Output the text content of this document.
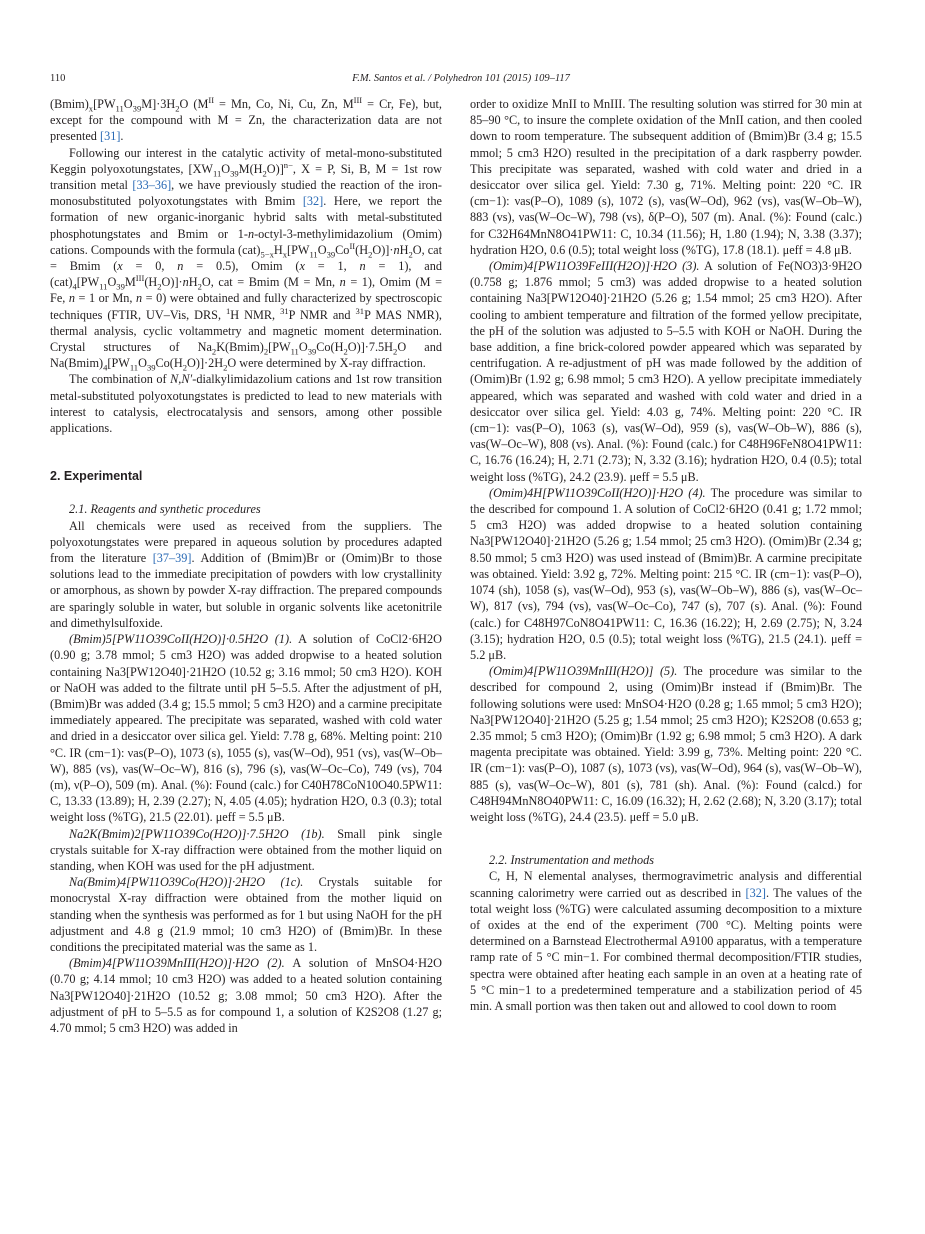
110	F.M. Santos et al. / Polyhedron 101 (2015) 109–117

$(Bmim)_x[PW_{11}O_{39}M]\cdot 3H_2O$ ($M^{II} = Mn$, Co, Ni, Cu, Zn, $M^{III} = Cr$, Fe), but, except for the compound with M = Zn, the characterization data are not presented [31].

Following our interest in the catalytic activity of metal-mono-substituted Keggin polyoxotungstates, $[XW_{11}O_{39}M(H_2O)]^{n-}$, X = P, Si, B, M = 1st row transition metal [33–36], we have previously studied the reaction of the iron-monosubstituted polyoxotungstates with Bmim [32]. Here, we report the formation of new organic-inorganic hybrid salts with metal-substituted phosphotungstates and Bmim or 1-n-octyl-3-methylimidazolium (Omim) cations. Compounds with the formula $(cat)_{5-x}H_x[PW_{11}O_{39}Co^{II}(H_2O)]\cdot nH_2O$, cat = Bmim (x = 0, n = 0.5), Omim (x = 1, n = 1), and $(cat)_4[PW_{11}O_{39}M^{III}(H_2O)]\cdot nH_2O$, cat = Bmim (M = Mn, n = 1), Omim (M = Fe, n = 1 or Mn, n = 0) were obtained and fully characterized by spectroscopic techniques (FTIR, UV–Vis, DRS, $^1$H NMR, $^{31}$P NMR and $^{31}$P MAS NMR), thermal analysis, cyclic voltammetry and magnetic moment determination. Crystal structures of $Na_2K(Bmim)_2[PW_{11}O_{39}Co(H_2O)]\cdot 7.5H_2O$ and $Na(Bmim)_4[PW_{11}O_{39}Co(H_2O)]\cdot 2H_2O$ were determined by X-ray diffraction.

The combination of N,N′-dialkylimidazolium cations and 1st row transition metal-substituted polyoxotungstates is predicted to lead to new materials with interest to catalysis, electrocatalysis and sensors, among other possible applications.

2. Experimental

2.1. Reagents and synthetic procedures

All chemicals were used as received from the suppliers. The polyoxotungstates were prepared in aqueous solution by procedures adapted from the literature [37–39]. Addition of (Bmim)Br or (Omim)Br to those solutions lead to the immediate precipitation of powders with low crystallinity or amorphous, as shown by powder X-ray diffraction. The prepared compounds are sparingly soluble in water, but soluble in organic solvents like acetonitrile and dimethylsulfoxide.

(Bmim)5[PW11O39CoII(H2O)]·0.5H2O (1). A solution of CoCl2·6H2O (0.90 g; 3.78 mmol; 5 cm3 H2O) was added dropwise to a heated solution containing Na3[PW12O40]·21H2O (10.52 g; 3.16 mmol; 50 cm3 H2O). KOH or NaOH was added to the filtrate until pH 5–5.5. After the adjustment of pH, (Bmim)Br was added (3.4 g; 15.5 mmol; 5 cm3 H2O) and a carmine precipitate immediately appeared. The precipitate was separated, washed with cold water and dried in a desiccator over silica gel. Yield: 7.78 g, 68%. Melting point: 210 °C. IR (cm−1): νas(P–O), 1073 (s), 1055 (s), νas(W–Od), 951 (vs), νas(W–Ob–W), 885 (vs), νas(W–Oc–W), 816 (s), 796 (s), νas(W–Oc–Co), 749 (vs), 704 (m), ν(P–O), 509 (m). Anal. (%): Found (calc.) for C40H78CoN10O40.5PW11: C, 13.33 (13.89); H, 2.39 (2.27); N, 4.05 (4.05); hydration H2O, 0.3 (0.3); total weight loss (%TG), 21.5 (22.01). μeff = 5.5 μB.

Na2K(Bmim)2[PW11O39Co(H2O)]·7.5H2O (1b). Small pink single crystals suitable for X-ray diffraction were obtained from the mother liquid on standing, when KOH was used for the pH adjustment.

Na(Bmim)4[PW11O39Co(H2O)]·2H2O (1c). Crystals suitable for monocrystal X-ray diffraction were obtained from the mother liquid on standing when the synthesis was performed as for 1 but using NaOH for the pH adjustment and 4.8 g (21.9 mmol; 10 cm3 H2O) of (Bmim)Br. In these conditions the precipitated material was the same as 1.

(Bmim)4[PW11O39MnIII(H2O)]·H2O (2). A solution of MnSO4·H2O (0.70 g; 4.14 mmol; 10 cm3 H2O) was added to a heated solution containing Na3[PW12O40]·21H2O (10.52 g; 3.08 mmol; 50 cm3 H2O). After the adjustment of pH to 5–5.5 as for compound 1, a solution of K2S2O8 (1.27 g; 4.70 mmol; 5 cm3 H2O) was added in

order to oxidize MnII to MnIII. The resulting solution was stirred for 30 min at 85–90 °C, to insure the complete oxidation of the MnII cation, and then cooled down to room temperature. The subsequent addition of (Bmim)Br (3.4 g; 15.5 mmol; 5 cm3 H2O) resulted in the precipitation of a dark raspberry powder. This precipitate was separated, washed with cold water and dried in a desiccator over silica gel. Yield: 7.30 g, 71%. Melting point: 220 °C. IR (cm−1): νas(P–O), 1089 (s), 1072 (s), νas(W–Od), 962 (vs), νas(W–Ob–W), 883 (vs), νas(W–Oc–W), 798 (vs), δ(P–O), 507 (m). Anal. (%): Found (calc.) for C32H64MnN8O41PW11: C, 10.34 (11.56); H, 1.80 (1.94); N, 3.38 (3.37); hydration H2O, 0.6 (0.5); total weight loss (%TG), 17.8 (18.1). μeff = 4.8 μB.

(Omim)4[PW11O39FeIII(H2O)]·H2O (3). A solution of Fe(NO3)3·9H2O (0.758 g; 1.876 mmol; 5 cm3) was added dropwise to a heated solution containing Na3[PW12O40]·21H2O (5.26 g; 1.54 mmol; 25 cm3 H2O). After cooling to ambient temperature and filtration of the formed yellow precipitate, the pH of the solution was adjusted to 5–5.5 with KOH or NaOH. During the base addition, a fine brick-colored powder appeared which was separated by centrifugation. A re-adjustment of pH was made followed by the addition of (Omim)Br (1.92 g; 6.98 mmol; 5 cm3 H2O). A yellow precipitate immediately appeared, which was separated and washed with cold water and dried in a desiccator over silica gel. Yield: 4.03 g, 74%. Melting point: 220 °C. IR (cm−1): νas(P–O), 1063 (s), νas(W–Od), 959 (s), νas(W–Ob–W), 886 (s), νas(W–Oc–W), 808 (vs). Anal. (%): Found (calc.) for C48H96FeN8O41PW11: C, 16.76 (16.24); H, 2.71 (2.73); N, 3.32 (3.16); hydration H2O, 0.4 (0.5); total weight loss (%TG), 24.2 (23.9). μeff = 5.5 μB.

(Omim)4H[PW11O39CoII(H2O)]·H2O (4). The procedure was similar to the described for compound 1. A solution of CoCl2·6H2O (0.41 g; 1.72 mmol; 5 cm3 H2O) was added dropwise to a heated solution containing Na3[PW12O40]·21H2O (5.26 g; 1.54 mmol; 25 cm3 H2O). (Omim)Br (2.34 g; 8.50 mmol; 5 cm3 H2O) was used instead of (Bmim)Br. A carmine precipitate was obtained. Yield: 3.92 g, 72%. Melting point: 215 °C. IR (cm−1): νas(P–O), 1074 (sh), 1058 (s), νas(W–Od), 953 (s), νas(W–Ob–W), 886 (s), νas(W–Oc–W), 817 (vs), 794 (vs), νas(W–Oc–Co), 747 (s), 707 (s). Anal. (%): Found (calc.) for C48H97CoN8O41PW11: C, 16.36 (16.22); H, 2.69 (2.75); N, 3.24 (3.15); hydration H2O, 0.5 (0.5); total weight loss (%TG), 21.5 (24.1). μeff = 5.2 μB.

(Omim)4[PW11O39MnIII(H2O)] (5). The procedure was similar to the described for compound 2, using (Omim)Br instead if (Bmim)Br. The following solutions were used: MnSO4·H2O (0.28 g; 1.65 mmol; 5 cm3 H2O); Na3[PW12O40]·21H2O (5.25 g; 1.54 mmol; 25 cm3 H2O); K2S2O8 (0.653 g; 2.35 mmol; 5 cm3 H2O); (Omim)Br (1.92 g; 6.98 mmol; 5 cm3 H2O). A dark magenta precipitate was obtained. Yield: 3.99 g, 73%. Melting point: 220 °C. IR (cm−1): νas(P–O), 1087 (s), 1073 (vs), νas(W–Od), 964 (s), νas(W–Ob–W), 885 (s), νas(W–Oc–W), 801 (s), 781 (sh). Anal. (%): Found (calcd.) for C48H94MnN8O40PW11: C, 16.09 (16.32); H, 2.62 (2.68); N, 3.20 (3.17); total weight loss (%TG), 24.4 (23.5). μeff = 5.0 μB.

2.2. Instrumentation and methods

C, H, N elemental analyses, thermogravimetric analysis and differential scanning calorimetry were carried out as described in [32]. The values of the total weight loss (%TG) were calculated assuming decomposition to a mixture of oxides at the end of the experiment (700 °C). Melting points were determined on a Barnstead Electrothermal A9100 apparatus, with a temperature ramp rate of 5 °C min−1. For combined thermal decomposition/FTIR studies, spectra were obtained after heating each sample in an oven at a heating rate of 5 °C min−1 to a predetermined temperature and a stabilization period of 45 min. A small portion was then taken out and allowed to cool down to room
